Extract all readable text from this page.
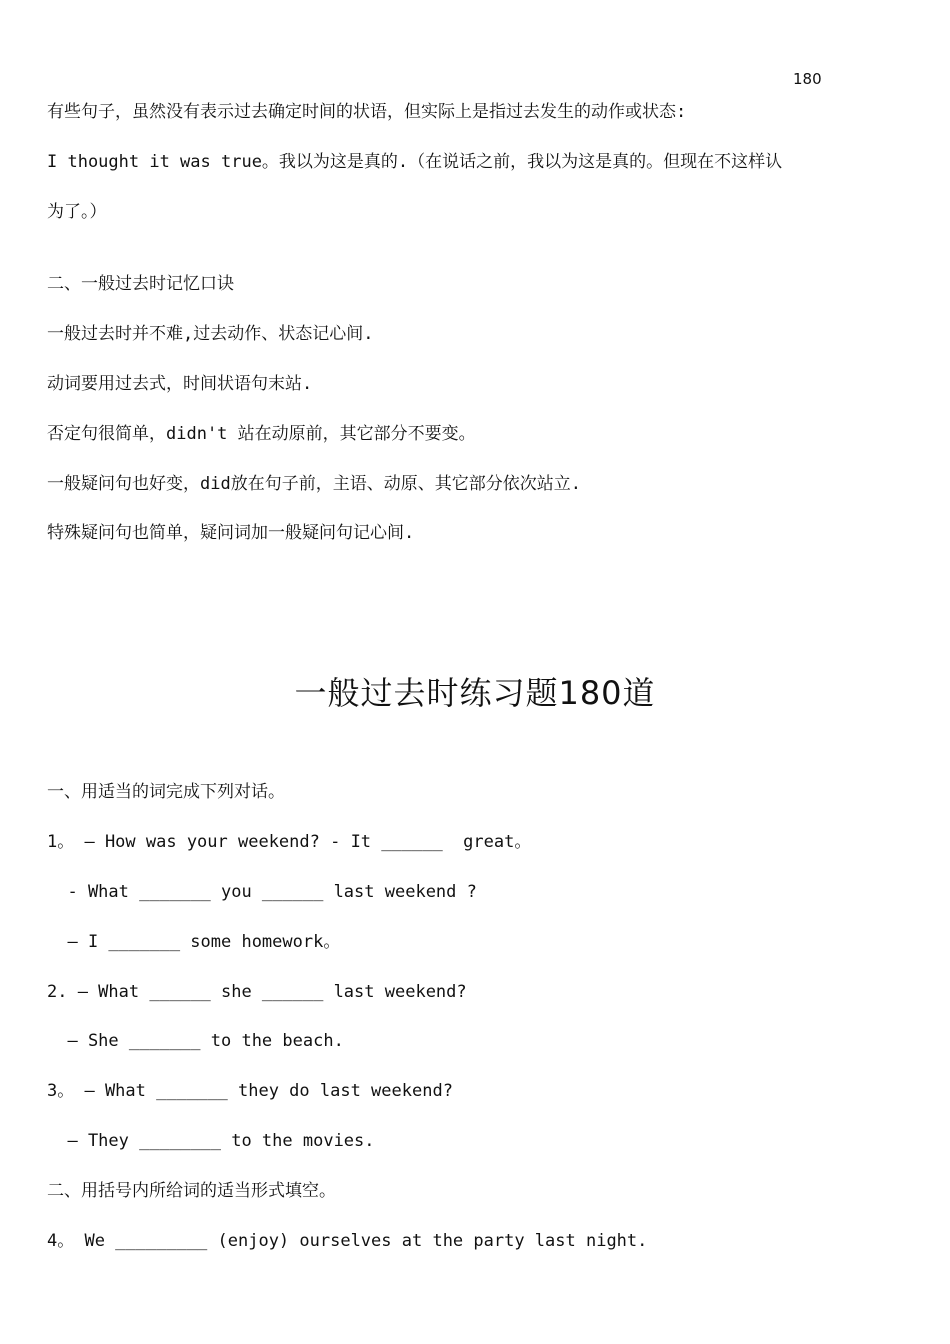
180
有些句子，虽然没有表示过去确定时间的状语，但实际上是指过去发生的动作或状态:
I thought it was true。我以为这是真的.（在说话之前，我以为这是真的。但现在不这样认
为了。）
二、一般过去时记忆口诀
一般过去时并不难,过去动作、状态记心间.
动词要用过去式，时间状语句末站.
否定句很简单，didn't 站在动原前，其它部分不要变。
一般疑问句也好变，did放在句子前，主语、动原、其它部分依次站立.
特殊疑问句也简单，疑问词加一般疑问句记心间.
一般过去时练习题180道
一、用适当的词完成下列对话。
1。 — How was your weekend? - It ______  great。
- What _______ you ______ last weekend ?
— I _______ some homework。
2. — What ______ she ______ last weekend?
— She _______ to the beach.
3。 — What _______ they do last weekend?
— They ________ to the movies.
二、用括号内所给词的适当形式填空。
4。 We _________ (enjoy) ourselves at the party last night.
